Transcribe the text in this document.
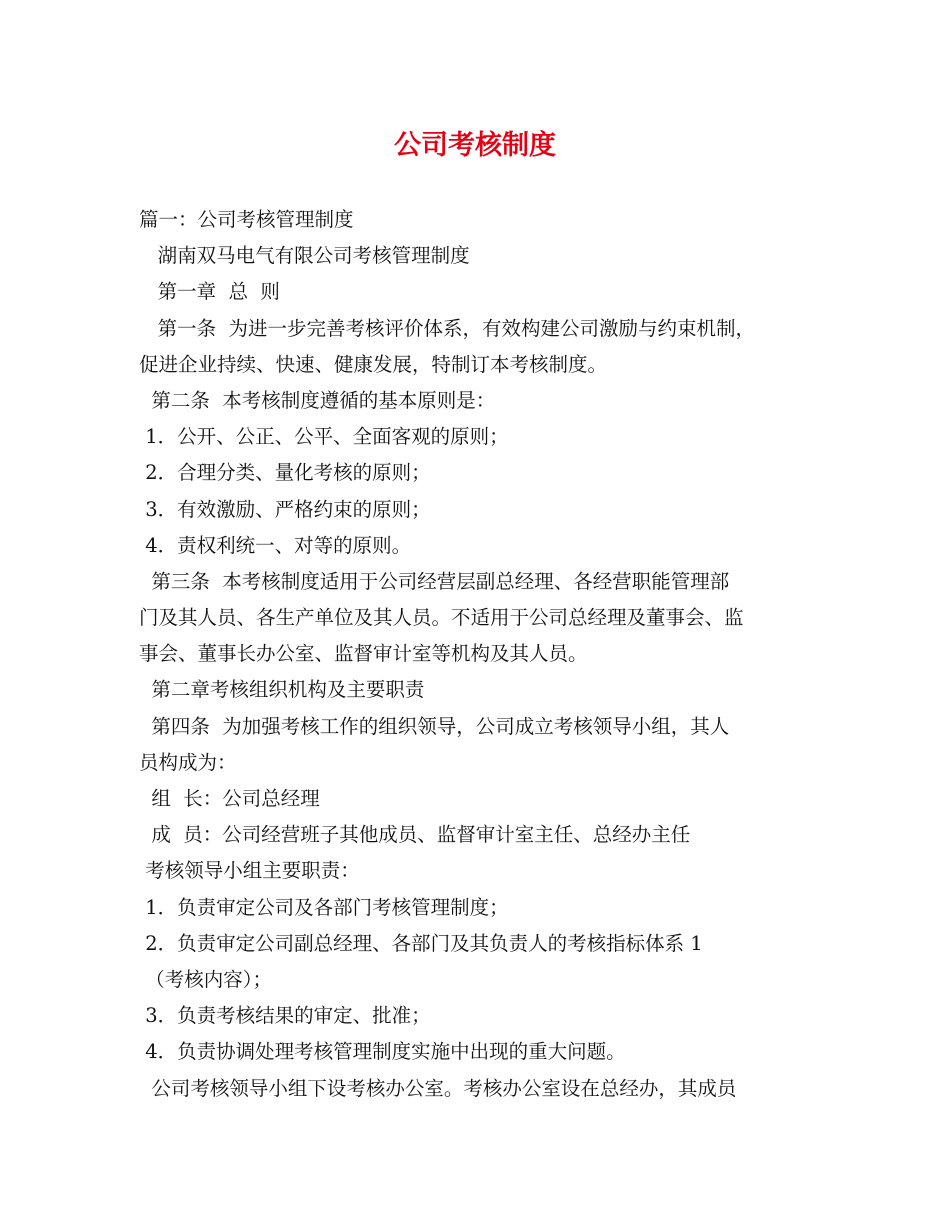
公司考核制度
篇一：公司考核管理制度
湖南双马电气有限公司考核管理制度
第一章  总  则
第一条  为进一步完善考核评价体系，有效构建公司激励与约束机制，
促进企业持续、快速、健康发展，特制订本考核制度。
第二条  本考核制度遵循的基本原则是：
1．公开、公正、公平、全面客观的原则；
2．合理分类、量化考核的原则；
3．有效激励、严格约束的原则；
4．责权利统一、对等的原则。
第三条  本考核制度适用于公司经营层副总经理、各经营职能管理部
门及其人员、各生产单位及其人员。不适用于公司总经理及董事会、监
事会、董事长办公室、监督审计室等机构及其人员。
第二章考核组织机构及主要职责
第四条  为加强考核工作的组织领导，公司成立考核领导小组，其人
员构成为：
组  长：公司总经理
成  员：公司经营班子其他成员、监督审计室主任、总经办主任
考核领导小组主要职责：
1．负责审定公司及各部门考核管理制度；
2．负责审定公司副总经理、各部门及其负责人的考核指标体系 1
（考核内容）；
3．负责考核结果的审定、批准；
4．负责协调处理考核管理制度实施中出现的重大问题。
公司考核领导小组下设考核办公室。考核办公室设在总经办，其成员
